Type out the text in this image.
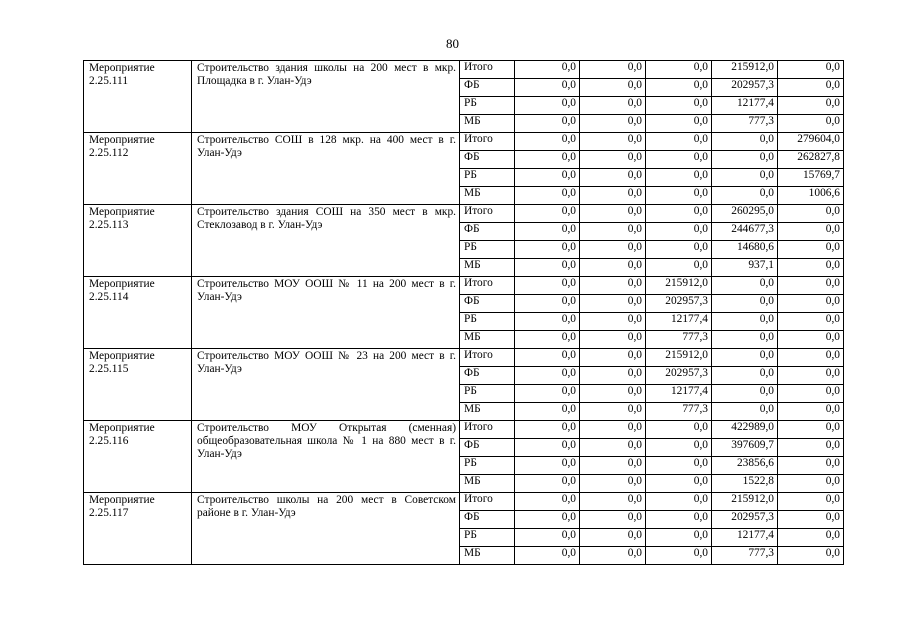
80
Мероприятие 2.25.111	Строительство здания школы на 200 мест в мкр. Площадка в г. Улан-Удэ	Итого	0,0	0,0	0,0	215912,0	0,0
		ФБ	0,0	0,0	0,0	202957,3	0,0
		РБ	0,0	0,0	0,0	12177,4	0,0
		МБ	0,0	0,0	0,0	777,3	0,0
Мероприятие 2.25.112	Строительство СОШ в 128 мкр. на 400 мест в г. Улан-Удэ	Итого	0,0	0,0	0,0	0,0	279604,0
		ФБ	0,0	0,0	0,0	0,0	262827,8
		РБ	0,0	0,0	0,0	0,0	15769,7
		МБ	0,0	0,0	0,0	0,0	1006,6
Мероприятие 2.25.113	Строительство здания СОШ на 350 мест в мкр. Стеклозавод в г. Улан-Удэ	Итого	0,0	0,0	0,0	260295,0	0,0
		ФБ	0,0	0,0	0,0	244677,3	0,0
		РБ	0,0	0,0	0,0	14680,6	0,0
		МБ	0,0	0,0	0,0	937,1	0,0
Мероприятие 2.25.114	Строительство МОУ ООШ № 11 на 200 мест в г. Улан-Удэ	Итого	0,0	0,0	215912,0	0,0	0,0
		ФБ	0,0	0,0	202957,3	0,0	0,0
		РБ	0,0	0,0	12177,4	0,0	0,0
		МБ	0,0	0,0	777,3	0,0	0,0
Мероприятие 2.25.115	Строительство МОУ ООШ № 23 на 200 мест в г. Улан-Удэ	Итого	0,0	0,0	215912,0	0,0	0,0
		ФБ	0,0	0,0	202957,3	0,0	0,0
		РБ	0,0	0,0	12177,4	0,0	0,0
		МБ	0,0	0,0	777,3	0,0	0,0
Мероприятие 2.25.116	Строительство МОУ Открытая (сменная) общеобразовательная школа № 1 на 880 мест в г. Улан-Удэ	Итого	0,0	0,0	0,0	422989,0	0,0
		ФБ	0,0	0,0	0,0	397609,7	0,0
		РБ	0,0	0,0	0,0	23856,6	0,0
		МБ	0,0	0,0	0,0	1522,8	0,0
Мероприятие 2.25.117	Строительство школы на 200 мест в Советском районе в г. Улан-Удэ	Итого	0,0	0,0	0,0	215912,0	0,0
		ФБ	0,0	0,0	0,0	202957,3	0,0
		РБ	0,0	0,0	0,0	12177,4	0,0
		МБ	0,0	0,0	0,0	777,3	0,0
